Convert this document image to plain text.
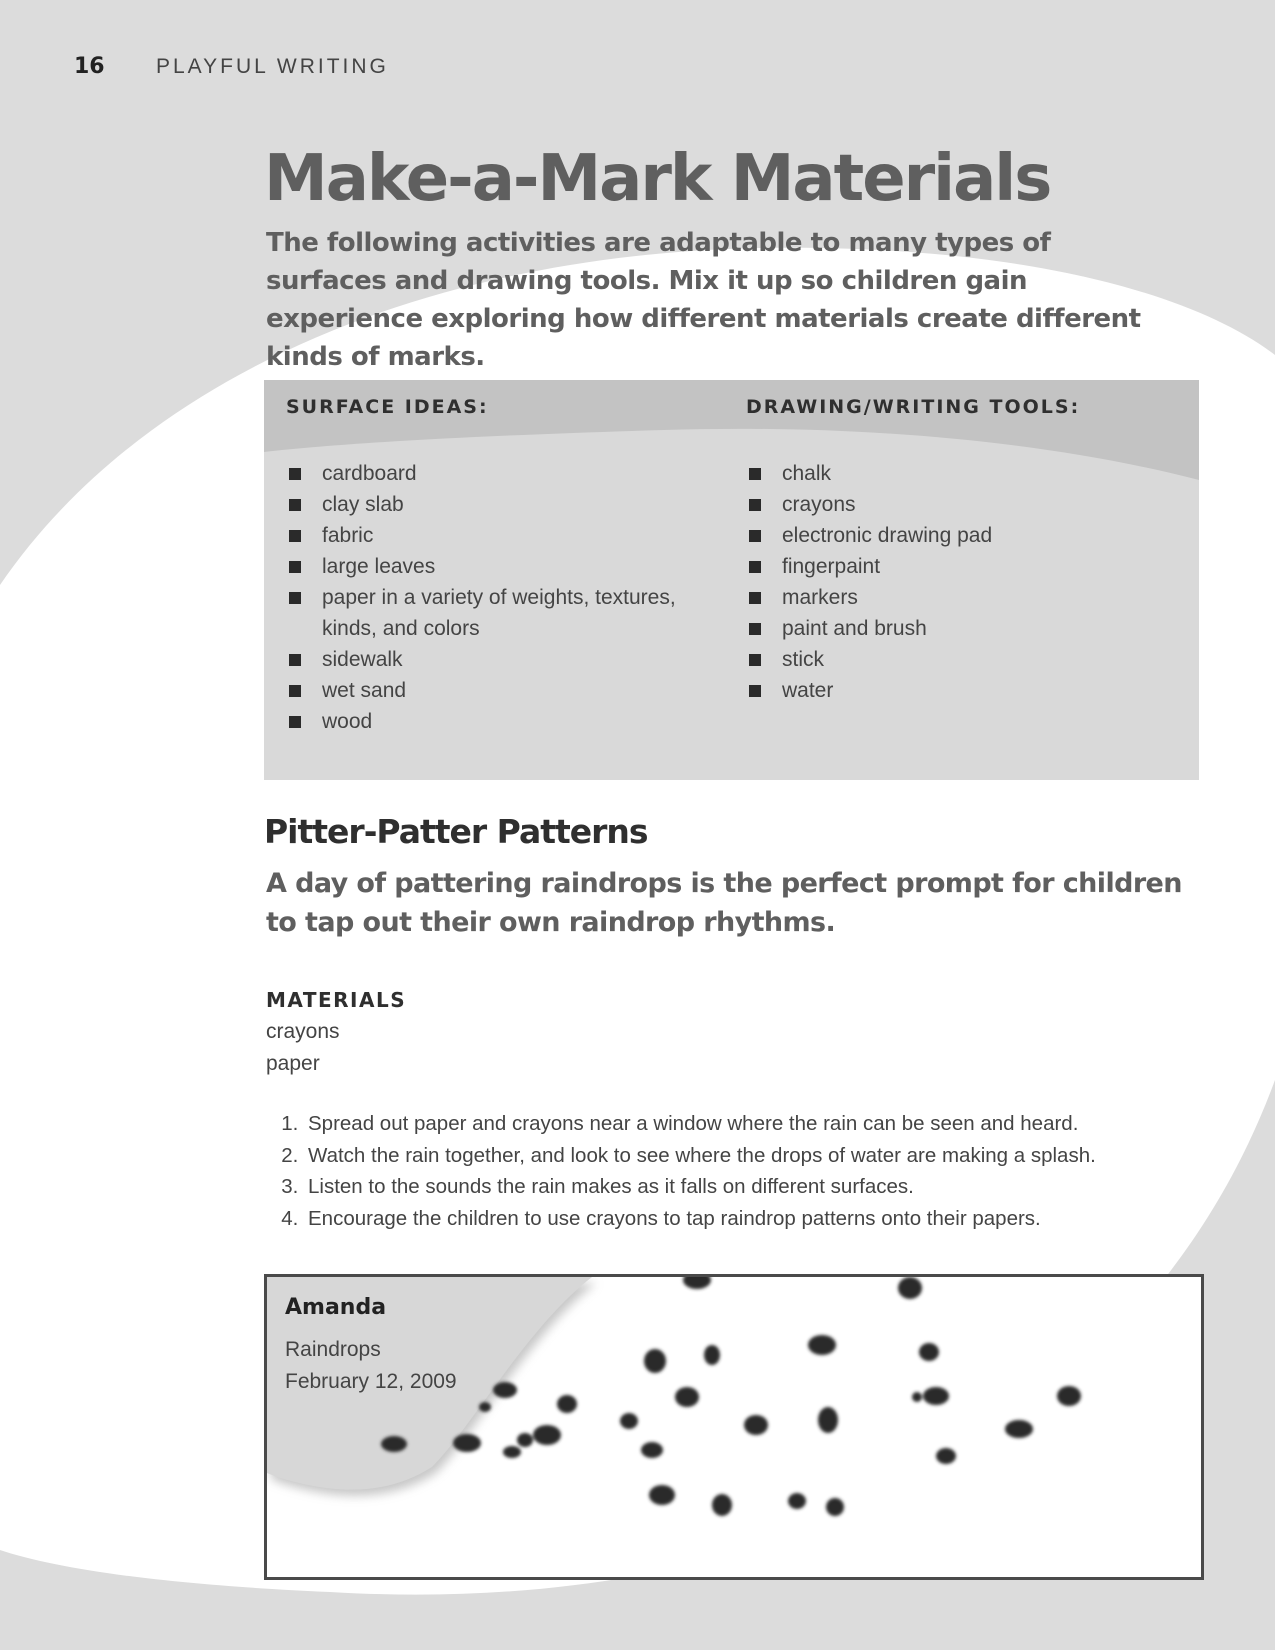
16	PLAYFUL WRITING
Make-a-Mark Materials

The following activities are adaptable to many types of surfaces and drawing tools. Mix it up so children gain experience exploring how different materials create different kinds of marks.

SURFACE IDEAS:
cardboard
clay slab
fabric
large leaves
paper in a variety of weights, textures, kinds, and colors
sidewalk
wet sand
wood
DRAWING/WRITING TOOLS:
chalk
crayons
electronic drawing pad
fingerpaint
markers
paint and brush
stick
water
Pitter-Patter Patterns

A day of pattering raindrops is the perfect prompt for children to tap out their own raindrop rhythms.

MATERIALS
crayons
paper
1. Spread out paper and crayons near a window where the rain can be seen and heard.
2. Watch the rain together, and look to see where the drops of water are making a splash.
3. Listen to the sounds the rain makes as it falls on different surfaces.
4. Encourage the children to use crayons to tap raindrop patterns onto their papers.

Amanda

Raindrops

February 12, 2009
